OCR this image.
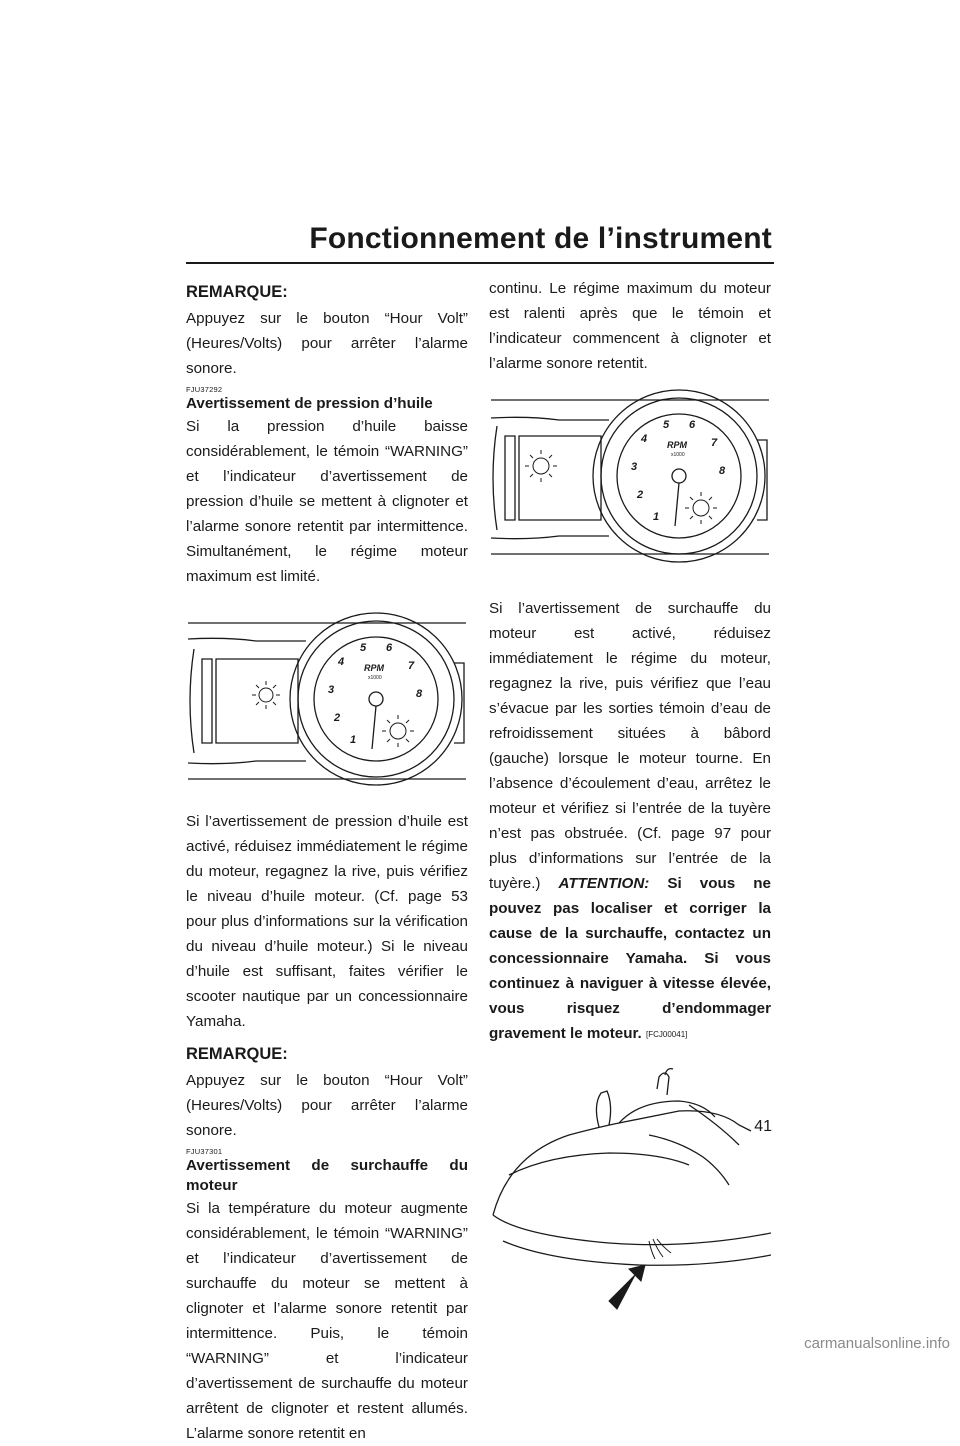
Fonctionnement de l’instrument

REMARQUE:

Appuyez sur le bouton “Hour Volt” (Heures/Volts) pour arrêter l’alarme sonore.

FJU37292

Avertissement de pression d’huile

Si la pression d’huile baisse considérablement, le témoin “WARNING” et l’indicateur d’avertissement de pression d’huile se mettent à clignoter et l’alarme sonore retentit par intermittence. Simultanément, le régime moteur maximum est limité.

1
2
3
4
5 6
7
8
RPM
x1000

Si l’avertissement de pression d’huile est activé, réduisez immédiatement le régime du moteur, regagnez la rive, puis vérifiez le niveau d’huile moteur. (Cf. page 53 pour plus d’informations sur la vérification du niveau d’huile moteur.) Si le niveau d’huile est suffisant, faites vérifier le scooter nautique par un concessionnaire Yamaha.

REMARQUE:

Appuyez sur le bouton “Hour Volt” (Heures/Volts) pour arrêter l’alarme sonore.

FJU37301

Avertissement de surchauffe du moteur

Si la température du moteur augmente considérablement, le témoin “WARNING” et l’indicateur d’avertissement de surchauffe du moteur se mettent à clignoter et l’alarme sonore retentit par intermittence. Puis, le témoin “WARNING” et l’indicateur d’avertissement de surchauffe du moteur arrêtent de clignoter et restent allumés. L’alarme sonore retentit en

continu. Le régime maximum du moteur est ralenti après que le témoin et l’indicateur commencent à clignoter et l’alarme sonore retentit.

1
2
3
4
5 6
7
8
RPM
x1000

Si l’avertissement de surchauffe du moteur est activé, réduisez immédiatement le régime du moteur, regagnez la rive, puis vérifiez que l’eau s’évacue par les sorties témoin d’eau de refroidissement situées à bâbord (gauche) lorsque le moteur tourne. En l’absence d’écoulement d’eau, arrêtez le moteur et vérifiez si l’entrée de la tuyère n’est pas obstruée. (Cf. page 97 pour plus d’informations sur l’entrée de la tuyère.) ATTENTION: Si vous ne pouvez pas localiser et corriger la cause de la surchauffe, contactez un concessionnaire Yamaha. Si vous continuez à naviguer à vitesse élevée, vous risquez d’endommager gravement le moteur. [FCJ00041]

41
carmanualsonline.info
